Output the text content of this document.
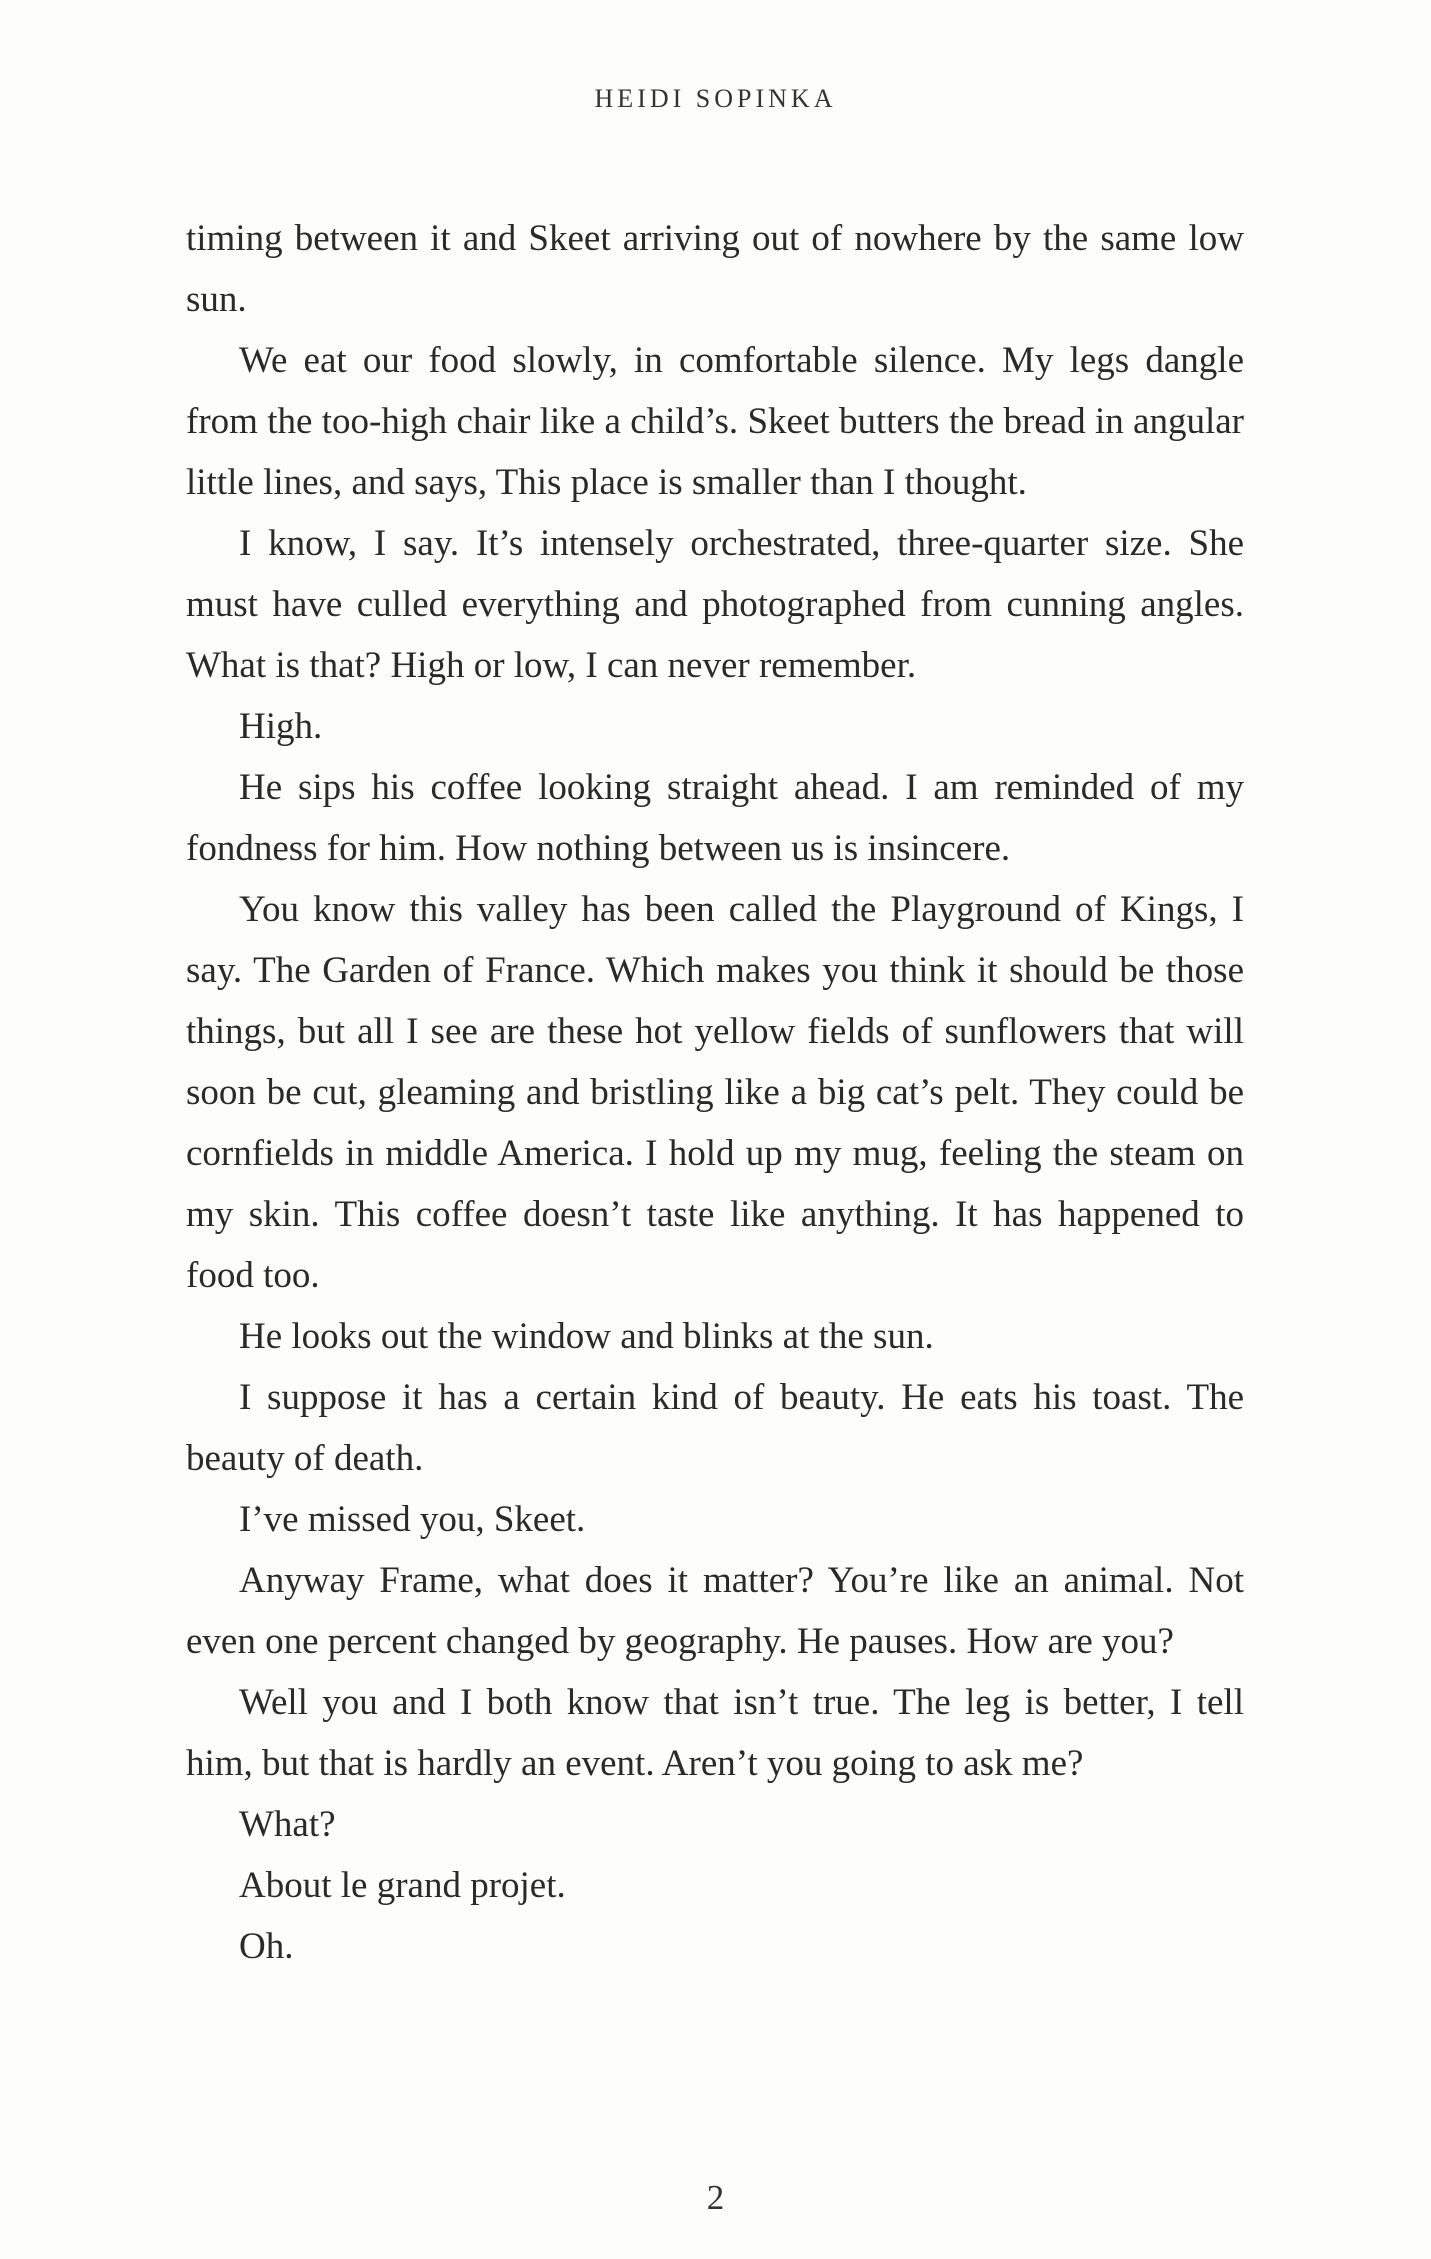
HEIDI SOPINKA

timing between it and Skeet arriving out of nowhere by the same low sun.

We eat our food slowly, in comfortable silence. My legs dangle from the too-high chair like a child’s. Skeet butters the bread in angular little lines, and says, This place is smaller than I thought.

I know, I say. It’s intensely orchestrated, three-quarter size. She must have culled everything and photographed from cunning angles. What is that? High or low, I can never remember.

High.

He sips his coffee looking straight ahead. I am reminded of my fondness for him. How nothing between us is insincere.

You know this valley has been called the Playground of Kings, I say. The Garden of France. Which makes you think it should be those things, but all I see are these hot yellow fields of sunflowers that will soon be cut, gleaming and bristling like a big cat’s pelt. They could be cornfields in middle America. I hold up my mug, feeling the steam on my skin. This coffee doesn’t taste like anything. It has happened to food too.

He looks out the window and blinks at the sun.

I suppose it has a certain kind of beauty. He eats his toast. The beauty of death.

I’ve missed you, Skeet.

Anyway Frame, what does it matter? You’re like an animal. Not even one percent changed by geography. He pauses. How are you?

Well you and I both know that isn’t true. The leg is better, I tell him, but that is hardly an event. Aren’t you going to ask me?

What?

About le grand projet.

Oh.

2
